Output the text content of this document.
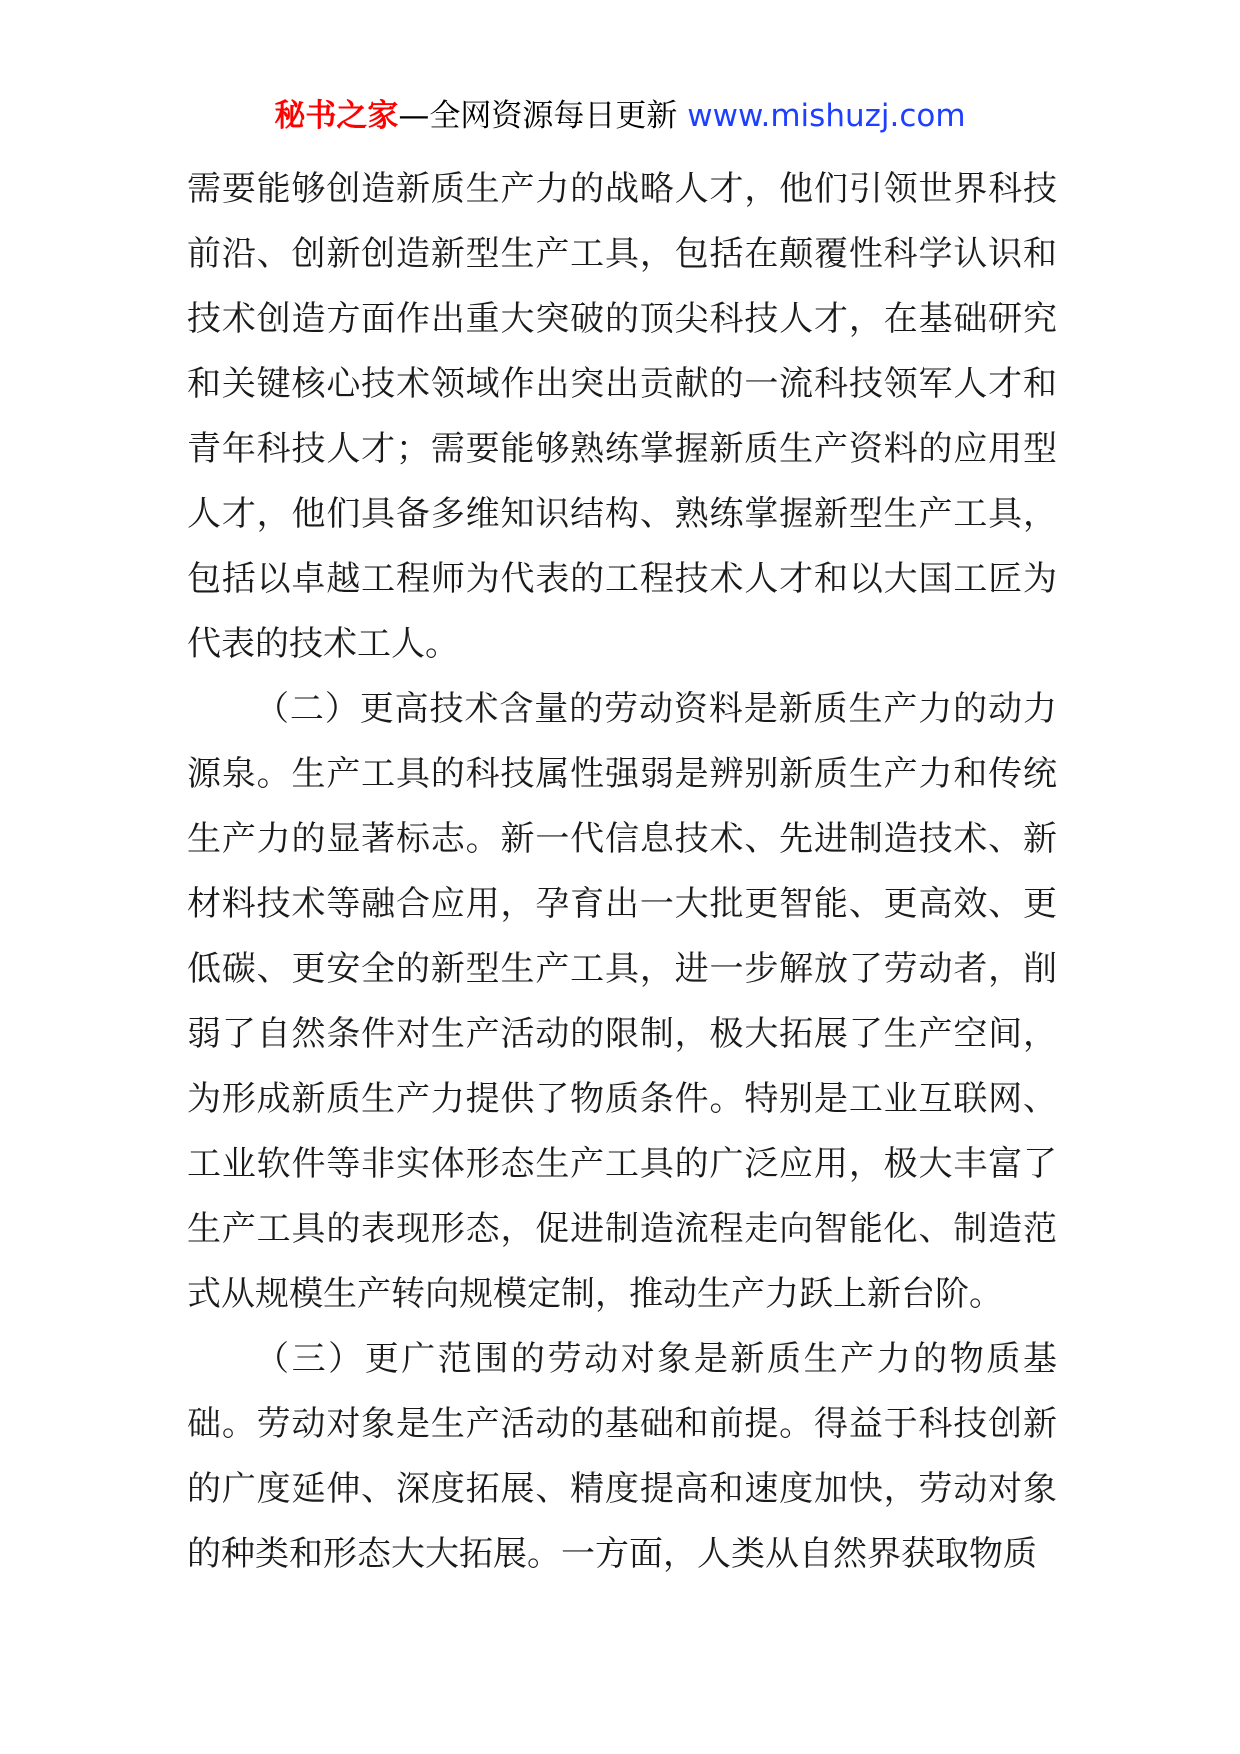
秘书之家—全网资源每日更新 www.mishuzj.com

需要能够创造新质生产力的战略人才，他们引领世界科技前沿、创新创造新型生产工具，包括在颠覆性科学认识和技术创造方面作出重大突破的顶尖科技人才，在基础研究和关键核心技术领域作出突出贡献的一流科技领军人才和青年科技人才；需要能够熟练掌握新质生产资料的应用型人才，他们具备多维知识结构、熟练掌握新型生产工具，包括以卓越工程师为代表的工程技术人才和以大国工匠为代表的技术工人。

（二）更高技术含量的劳动资料是新质生产力的动力源泉。生产工具的科技属性强弱是辨别新质生产力和传统生产力的显著标志。新一代信息技术、先进制造技术、新材料技术等融合应用，孕育出一大批更智能、更高效、更低碳、更安全的新型生产工具，进一步解放了劳动者，削弱了自然条件对生产活动的限制，极大拓展了生产空间，为形成新质生产力提供了物质条件。特别是工业互联网、工业软件等非实体形态生产工具的广泛应用，极大丰富了生产工具的表现形态，促进制造流程走向智能化、制造范式从规模生产转向规模定制，推动生产力跃上新台阶。

（三）更广范围的劳动对象是新质生产力的物质基础。劳动对象是生产活动的基础和前提。得益于科技创新的广度延伸、深度拓展、精度提高和速度加快，劳动对象的种类和形态大大拓展。一方面，人类从自然界获取物质
